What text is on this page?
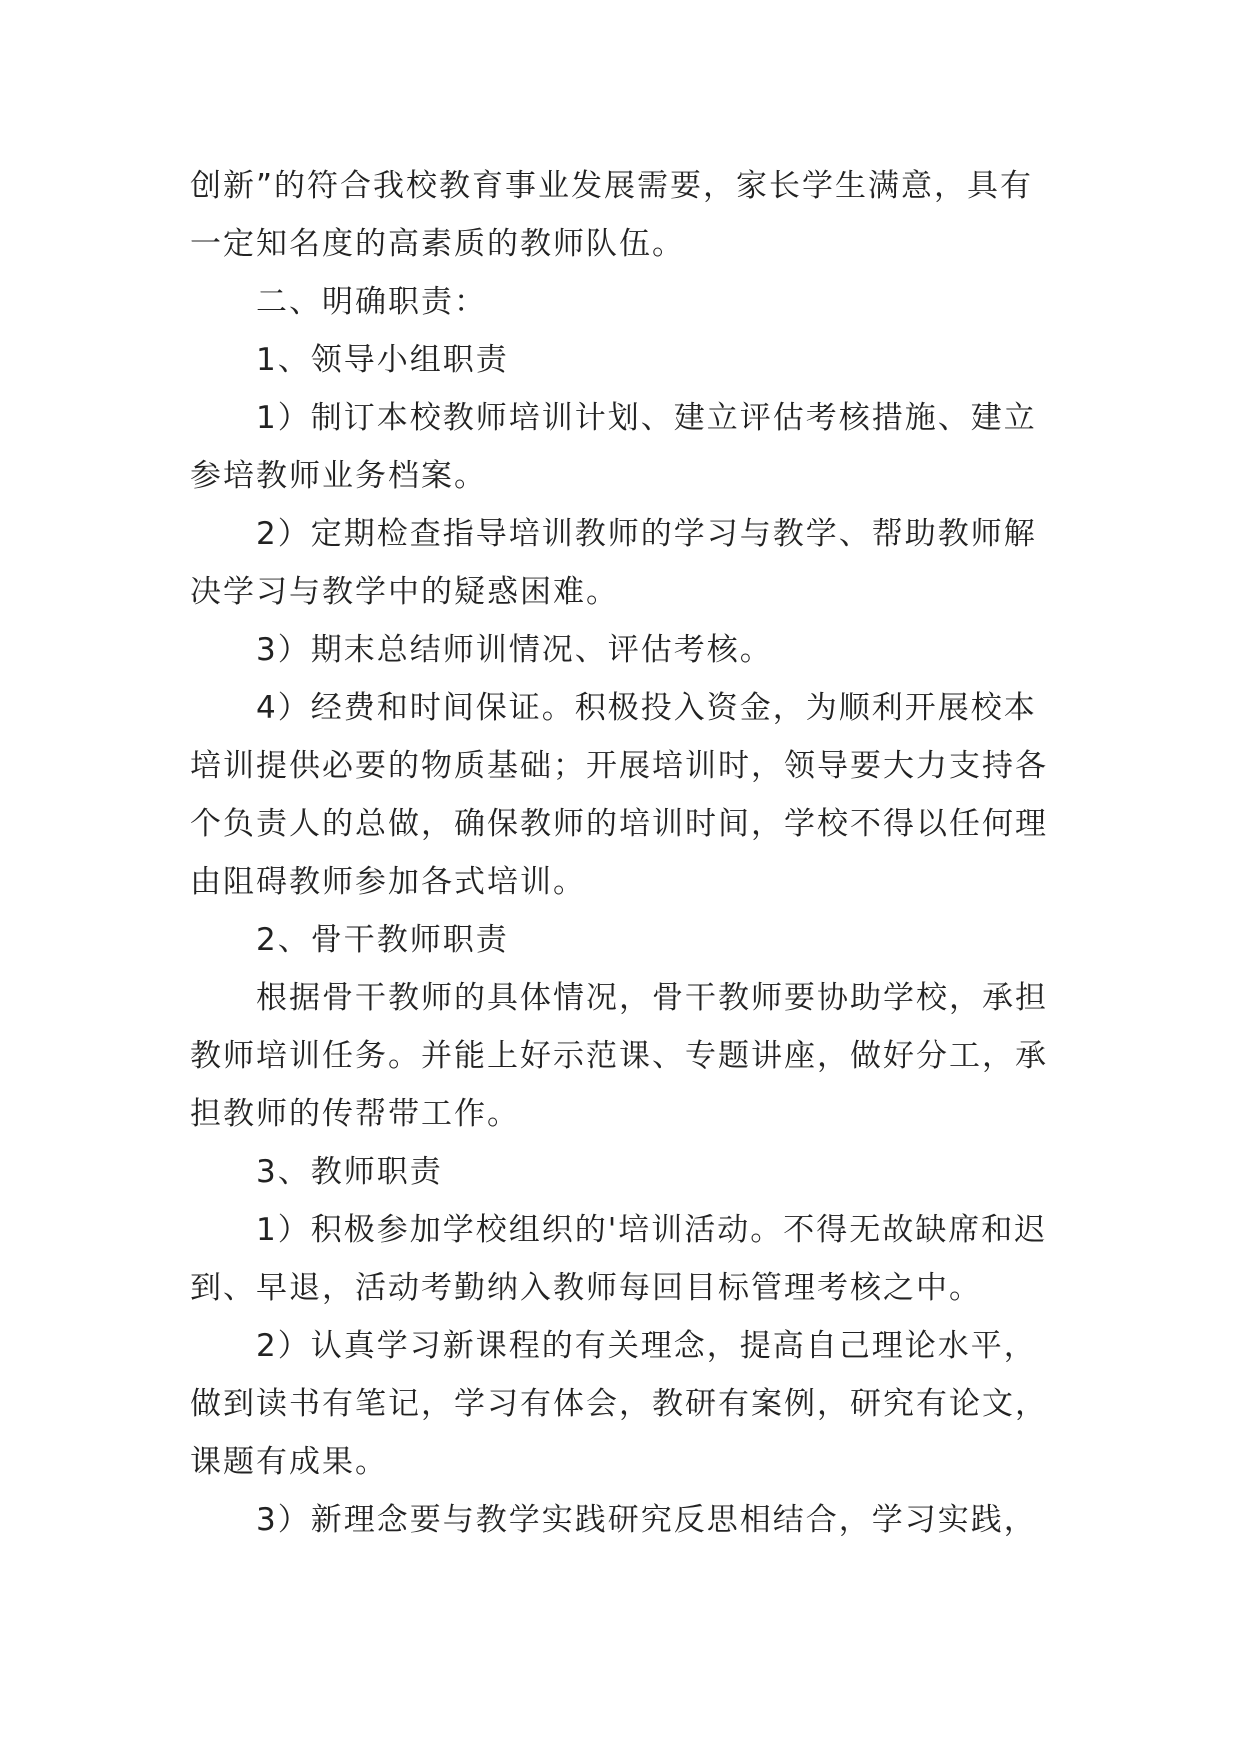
创新”的符合我校教育事业发展需要，家长学生满意，具有
一定知名度的高素质的教师队伍。
二、明确职责：
1、领导小组职责
1）制订本校教师培训计划、建立评估考核措施、建立
参培教师业务档案。
2）定期检查指导培训教师的学习与教学、帮助教师解
决学习与教学中的疑惑困难。
3）期末总结师训情况、评估考核。
4）经费和时间保证。积极投入资金，为顺利开展校本
培训提供必要的物质基础；开展培训时，领导要大力支持各
个负责人的总做，确保教师的培训时间，学校不得以任何理
由阻碍教师参加各式培训。
2、骨干教师职责
根据骨干教师的具体情况，骨干教师要协助学校，承担
教师培训任务。并能上好示范课、专题讲座，做好分工，承
担教师的传帮带工作。
3、教师职责
1）积极参加学校组织的'培训活动。不得无故缺席和迟
到、早退，活动考勤纳入教师每回目标管理考核之中。
2）认真学习新课程的有关理念，提高自己理论水平，
做到读书有笔记，学习有体会，教研有案例，研究有论文，
课题有成果。
3）新理念要与教学实践研究反思相结合，学习实践，
